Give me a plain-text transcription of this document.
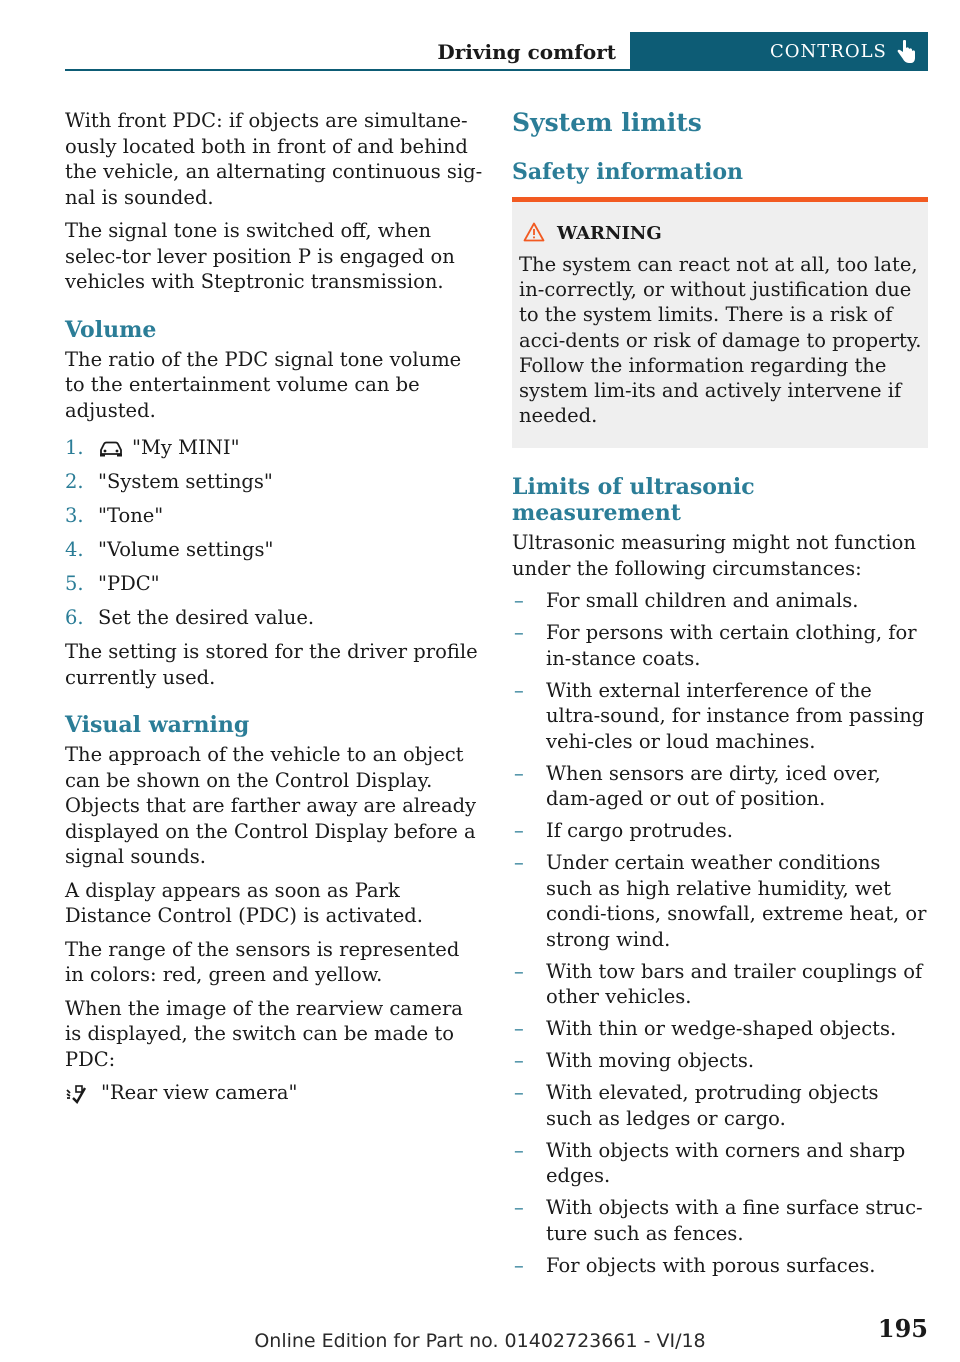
Driving comfort	CONTROLS

With front PDC: if objects are simultane‐ously located both in front of and behind the vehicle, an alternating continuous sig‐nal is sounded.

The signal tone is switched off, when selec‐tor lever position P is engaged on vehicles with Steptronic transmission.

Volume

The ratio of the PDC signal tone volume to the entertainment volume can be adjusted.

1. "My MINI"
2. "System settings"
3. "Tone"
4. "Volume settings"
5. "PDC"
6. Set the desired value.

The setting is stored for the driver profile currently used.

Visual warning

The approach of the vehicle to an object can be shown on the Control Display. Objects that are farther away are already displayed on the Control Display before a signal sounds.

A display appears as soon as Park Distance Control (PDC) is activated.

The range of the sensors is represented in colors: red, green and yellow.

When the image of the rearview camera is displayed, the switch can be made to PDC:

"Rear view camera"

System limits
Safety information
WARNING

The system can react not at all, too late, in‐correctly, or without justification due to the system limits. There is a risk of acci‐dents or risk of damage to property. Follow the information regarding the system lim‐its and actively intervene if needed.

Limits of ultrasonic measurement

Ultrasonic measuring might not function under the following circumstances:

– For small children and animals.
– For persons with certain clothing, for in‐stance coats.
– With external interference of the ultra‐sound, for instance from passing vehi‐cles or loud machines.
– When sensors are dirty, iced over, dam‐aged or out of position.
– If cargo protrudes.
– Under certain weather conditions such as high relative humidity, wet condi‐tions, snowfall, extreme heat, or strong wind.
– With tow bars and trailer couplings of other vehicles.
– With thin or wedge-shaped objects.
– With moving objects.
– With elevated, protruding objects such as ledges or cargo.
– With objects with corners and sharp edges.
– With objects with a fine surface struc‐ture such as fences.
– For objects with porous surfaces.
195
Online Edition for Part no. 01402723661 - VI/18
